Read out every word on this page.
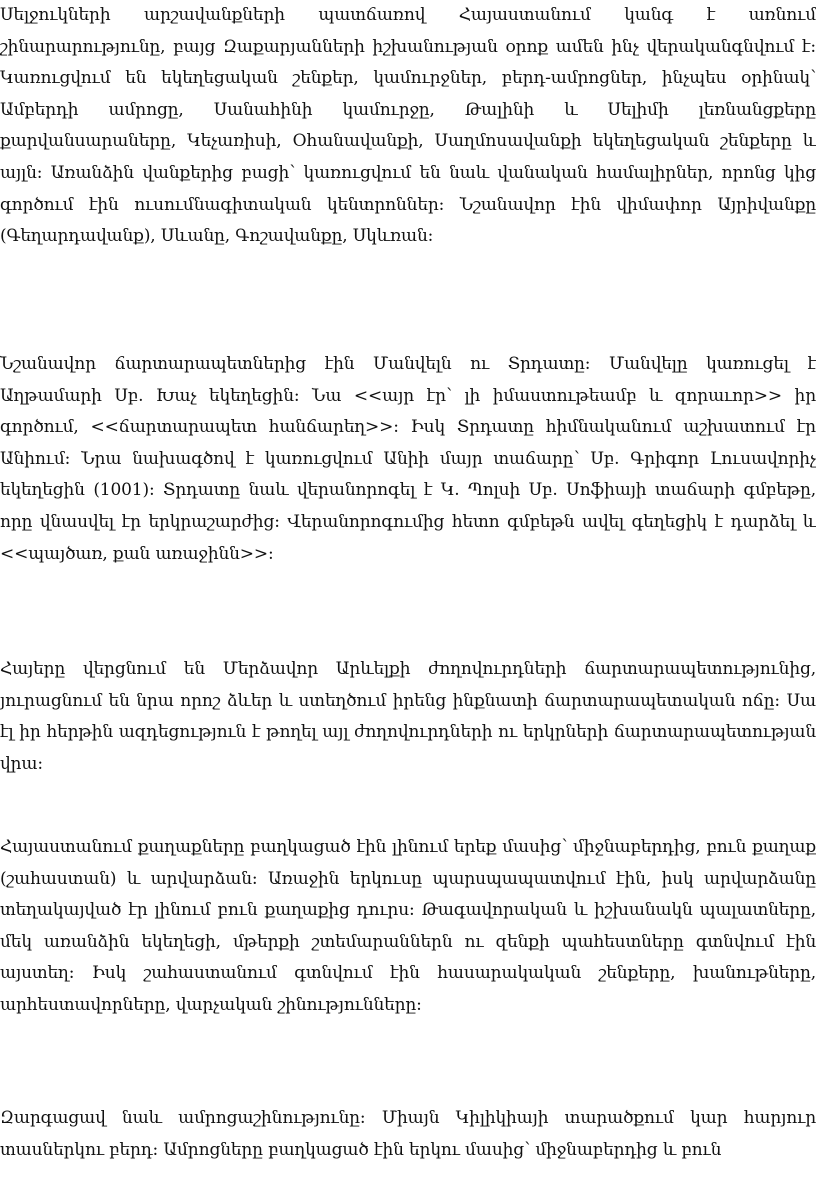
Սելջուկների արշավանքների պատճառով Հայաստանում կանգ է առնում շինարարությունը, բայց Զաքարյանների իշխանության օրոք ամեն ինչ վերականգնվում է։ Կառուցվում են եկեղեցական շենքեր, կամուրջներ, բերդ-ամրոցներ, ինչպես օրինակ՝ Ամբերդի ամրոցը, Սանահինի կամուրջը, Թալինի և Սելիմի լեռնանցքերը քարվանսարաները, Կեչառիսի, Օհանավանքի, Սաղմոսավանքի եկեղեցական շենքերը և այլն։ Առանձին վանքերից բացի՝ կառուցվում են նաև վանական համալիրներ, որոնց կից գործում էին ուսումնագիտական կենտրոններ։ Նշանավոր էին վիմափոր Այրիվանքը (Գեղարդավանք), Սևանը, Գոշավանքը, Սկևռան:

Նշանավոր ճարտարապետներից էին Մանվելն ու Տրդատը։ Մանվելը կառուցել է Աղթամարի Սբ. Խաչ եկեղեցին։ Նա <<այր էր՝ լի իմաստութեամբ և զորաւոր>> իր գործում, <<ճարտարապետ հանճարեղ>>: Իսկ Տրդատը հիմնականում աշխատում էր Անիում։ Նրա նախագծով է կառուցվում Անիի մայր տաճարը՝ Սբ. Գրիգոր Լուսավորիչ եկեղեցին (1001): Տրդատը նաև վերանորոգել է Կ. Պոլսի Սբ. Սոֆիայի տաճարի գմբեթը, որը վնասվել էր երկրաշարժից։ Վերանորոգումից հետո գմբեթն ավել գեղեցիկ է դարձել և <<պայծառ, քան առաջինն>>:

Հայերը վերցնում են Մերձավոր Արևելքի ժողովուրդների ճարտարապետությունից, յուրացնում են նրա որոշ ձևեր և ստեղծում իրենց ինքնատի ճարտարապետական ոճը։ Սա էլ իր հերթին ազդեցություն է թողել այլ ժողովուրդների ու երկրների ճարտարապետության վրա:

Հայաստանում քաղաքները բաղկացած էին լինում երեք մասից՝ միջնաբերդից, բուն քաղաք (շահաստան) և արվարձան։ Առաջին երկուսը պարսպապատվում էին, իսկ արվարձանը տեղակայված էր լինում բուն քաղաքից դուրս։ Թագավորական և իշխանակն պալատները, մեկ առանձին եկեղեցի, մթերքի շտեմարաններն ու զենքի պահեստները գտնվում էին այստեղ։ Իսկ շահաստանում գտնվում էին հասարակական շենքերը, խանութները, արհեստավորները, վարչական շինությունները:

Զարգացավ նաև ամրոցաշինությունը։ Միայն Կիլիկիայի տարածքում կար հարյուր տասներկու բերդ։ Ամրոցները բաղկացած էին երկու մասից՝ միջնաբերդից և բուն
